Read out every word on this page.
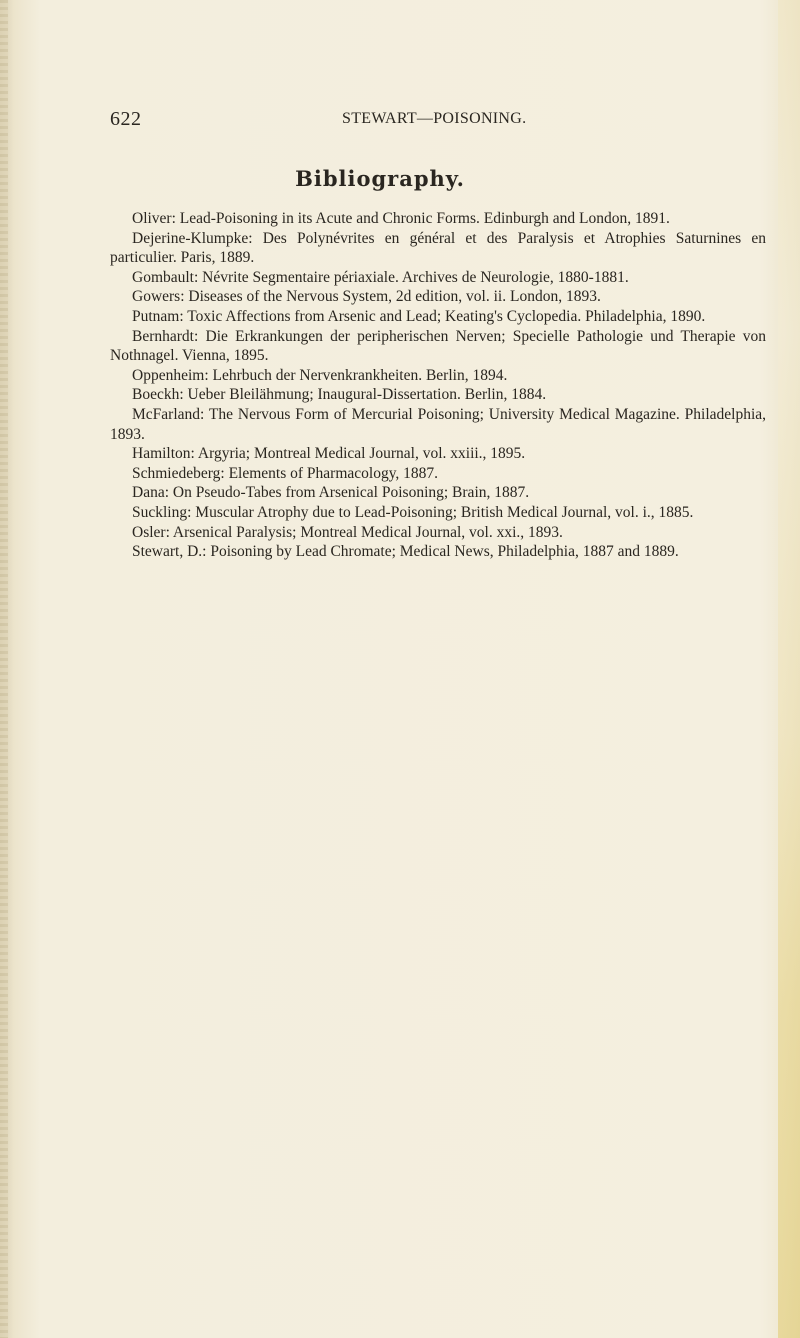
622	STEWART—POISONING.
Bibliography.

Oliver: Lead-Poisoning in its Acute and Chronic Forms. Edinburgh and London, 1891.

Dejerine-Klumpke: Des Polynévrites en général et des Paralysis et Atrophies Saturnines en particulier. Paris, 1889.

Gombault: Névrite Segmentaire périaxiale. Archives de Neurologie, 1880-1881.

Gowers: Diseases of the Nervous System, 2d edition, vol. ii. London, 1893.

Putnam: Toxic Affections from Arsenic and Lead; Keating's Cyclopedia. Philadelphia, 1890.

Bernhardt: Die Erkrankungen der peripherischen Nerven; Specielle Pathologie und Therapie von Nothnagel. Vienna, 1895.

Oppenheim: Lehrbuch der Nervenkrankheiten. Berlin, 1894.

Boeckh: Ueber Bleilähmung; Inaugural-Dissertation. Berlin, 1884.

McFarland: The Nervous Form of Mercurial Poisoning; University Medical Magazine. Philadelphia, 1893.

Hamilton: Argyria; Montreal Medical Journal, vol. xxiii., 1895.

Schmiedeberg: Elements of Pharmacology, 1887.

Dana: On Pseudo-Tabes from Arsenical Poisoning; Brain, 1887.

Suckling: Muscular Atrophy due to Lead-Poisoning; British Medical Journal, vol. i., 1885.

Osler: Arsenical Paralysis; Montreal Medical Journal, vol. xxi., 1893.

Stewart, D.: Poisoning by Lead Chromate; Medical News, Philadelphia, 1887 and 1889.
